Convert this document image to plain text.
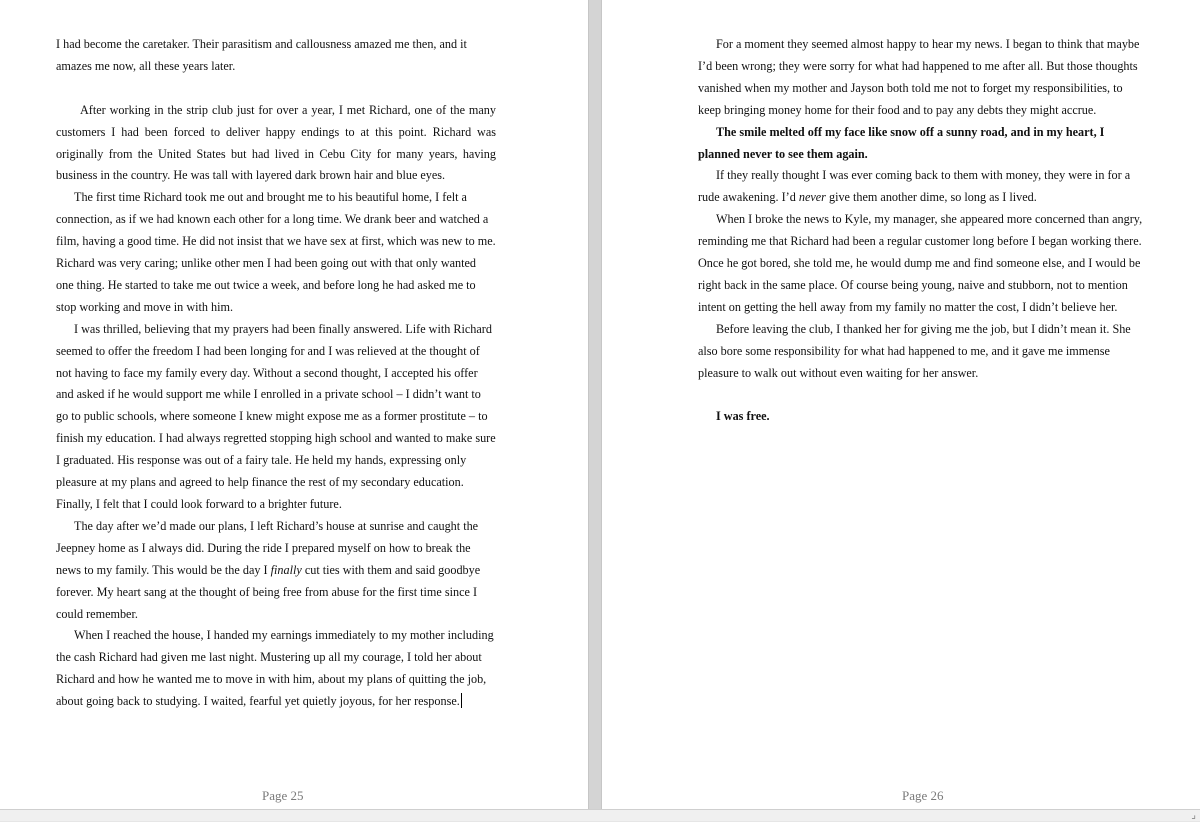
I had become the caretaker. Their parasitism and callousness amazed me then, and it amazes me now, all these years later.

After working in the strip club just for over a year, I met Richard, one of the many customers I had been forced to deliver happy endings to at this point. Richard was originally from the United States but had lived in Cebu City for many years, having business in the country. He was tall with layered dark brown hair and blue eyes.

The first time Richard took me out and brought me to his beautiful home, I felt a connection, as if we had known each other for a long time. We drank beer and watched a film, having a good time. He did not insist that we have sex at first, which was new to me. Richard was very caring; unlike other men I had been going out with that only wanted one thing. He started to take me out twice a week, and before long he had asked me to stop working and move in with him.

I was thrilled, believing that my prayers had been finally answered. Life with Richard seemed to offer the freedom I had been longing for and I was relieved at the thought of not having to face my family every day. Without a second thought, I accepted his offer and asked if he would support me while I enrolled in a private school – I didn’t want to go to public schools, where someone I knew might expose me as a former prostitute – to finish my education. I had always regretted stopping high school and wanted to make sure I graduated. His response was out of a fairy tale. He held my hands, expressing only pleasure at my plans and agreed to help finance the rest of my secondary education. Finally, I felt that I could look forward to a brighter future.

The day after we’d made our plans, I left Richard’s house at sunrise and caught the Jeepney home as I always did. During the ride I prepared myself on how to break the news to my family. This would be the day I finally cut ties with them and said goodbye forever. My heart sang at the thought of being free from abuse for the first time since I could remember.

When I reached the house, I handed my earnings immediately to my mother including the cash Richard had given me last night. Mustering up all my courage, I told her about Richard and how he wanted me to move in with him, about my plans of quitting the job, about going back to studying. I waited, fearful yet quietly joyous, for her response.

Page 25

For a moment they seemed almost happy to hear my news. I began to think that maybe I’d been wrong; they were sorry for what had happened to me after all. But those thoughts vanished when my mother and Jayson both told me not to forget my responsibilities, to keep bringing money home for their food and to pay any debts they might accrue.

The smile melted off my face like snow off a sunny road, and in my heart, I planned never to see them again.

If they really thought I was ever coming back to them with money, they were in for a rude awakening. I’d never give them another dime, so long as I lived.

When I broke the news to Kyle, my manager, she appeared more concerned than angry, reminding me that Richard had been a regular customer long before I began working there. Once he got bored, she told me, he would dump me and find someone else, and I would be right back in the same place. Of course being young, naive and stubborn, not to mention intent on getting the hell away from my family no matter the cost, I didn’t believe her.

Before leaving the club, I thanked her for giving me the job, but I didn’t mean it. She also bore some responsibility for what had happened to me, and it gave me immense pleasure to walk out without even waiting for her answer.

I was free.

Page 26
⌟
